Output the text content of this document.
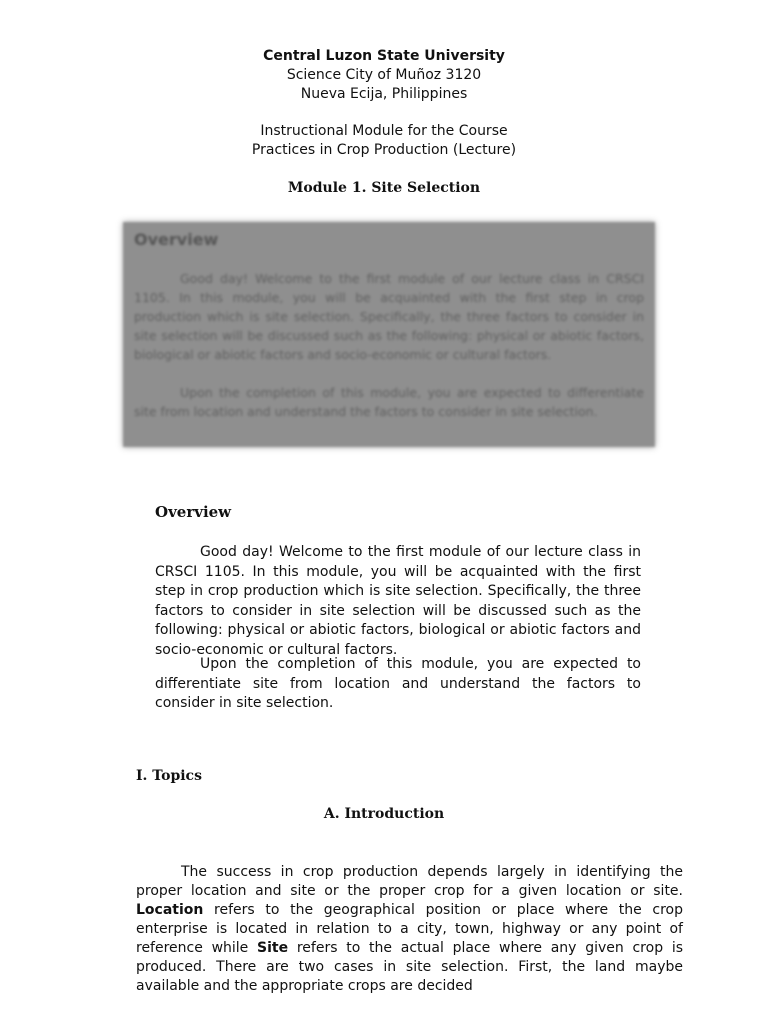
Central Luzon State University
Science City of Muñoz 3120
Nueva Ecija, Philippines
Instructional Module for the Course
Practices in Crop Production (Lecture)
Module 1. Site Selection
Overview

Good day! Welcome to the first module of our lecture class in CRSCI 1105. In this module, you will be acquainted with the first step in crop production which is site selection. Specifically, the three factors to consider in site selection will be discussed such as the following: physical or abiotic factors, biological or abiotic factors and socio-economic or cultural factors.

Upon the completion of this module, you are expected to differentiate site from location and understand the factors to consider in site selection.

Overview

Good day! Welcome to the first module of our lecture class in CRSCI 1105. In this module, you will be acquainted with the first step in crop production which is site selection. Specifically, the three factors to consider in site selection will be discussed such as the following: physical or abiotic factors, biological or abiotic factors and socio-economic or cultural factors.

Upon the completion of this module, you are expected to differentiate site from location and understand the factors to consider in site selection.

I. Topics
A. Introduction

The success in crop production depends largely in identifying the proper location and site or the proper crop for a given location or site. Location refers to the geographical position or place where the crop enterprise is located in relation to a city, town, highway or any point of reference while Site refers to the actual place where any given crop is produced. There are two cases in site selection. First, the land maybe available and the appropriate crops are decided
